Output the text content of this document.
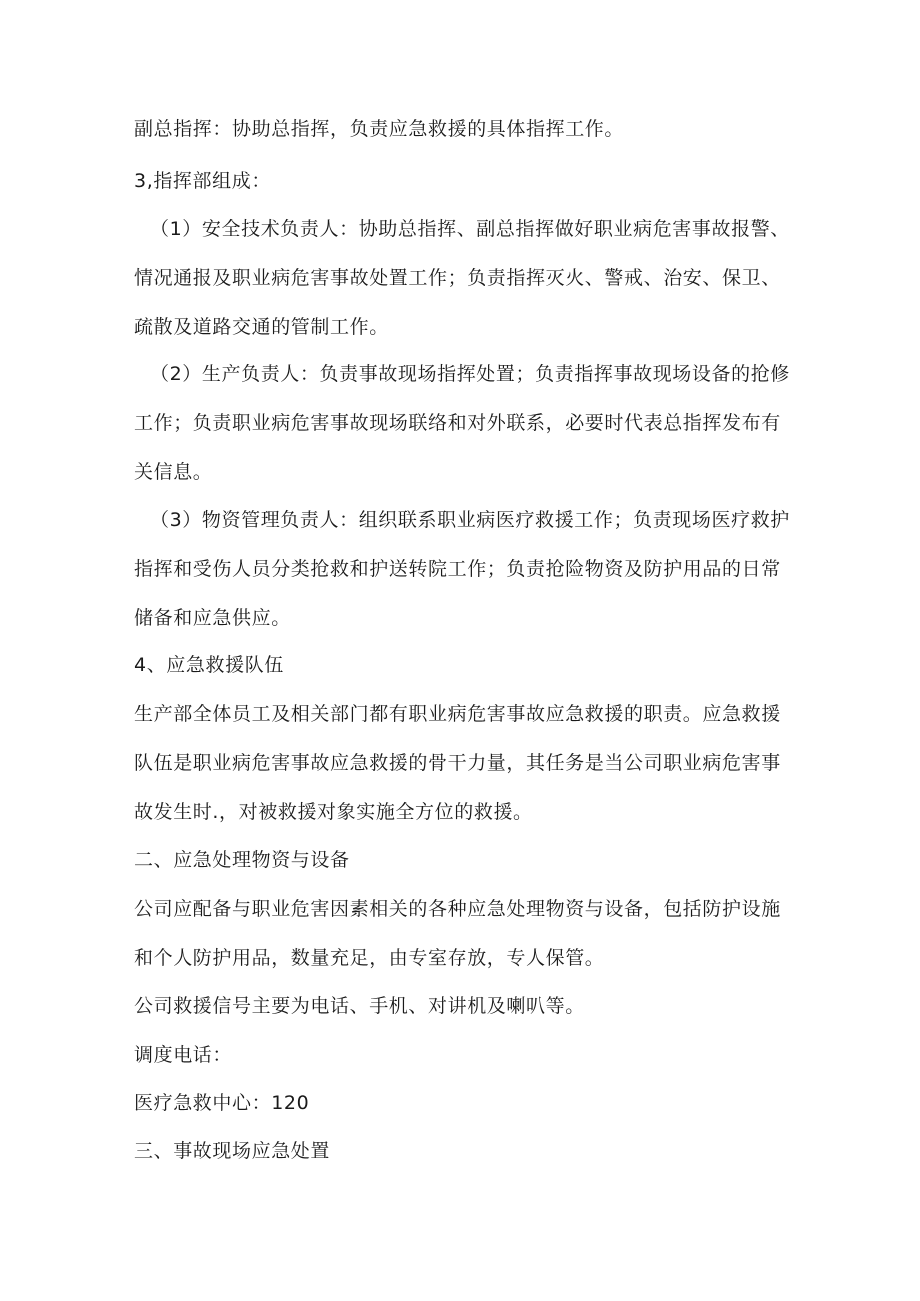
副总指挥：协助总指挥，负责应急救援的具体指挥工作。
3,指挥部组成：
（1）安全技术负责人：协助总指挥、副总指挥做好职业病危害事故报警、
情况通报及职业病危害事故处置工作；负责指挥灭火、警戒、治安、保卫、
疏散及道路交通的管制工作。
（2）生产负责人：负责事故现场指挥处置；负责指挥事故现场设备的抢修
工作；负责职业病危害事故现场联络和对外联系，必要时代表总指挥发布有
关信息。
（3）物资管理负责人：组织联系职业病医疗救援工作；负责现场医疗救护
指挥和受伤人员分类抢救和护送转院工作；负责抢险物资及防护用品的日常
储备和应急供应。
4、应急救援队伍
生产部全体员工及相关部门都有职业病危害事故应急救援的职责。应急救援
队伍是职业病危害事故应急救援的骨干力量，其任务是当公司职业病危害事
故发生时.，对被救援对象实施全方位的救援。
二、应急处理物资与设备
公司应配备与职业危害因素相关的各种应急处理物资与设备，包括防护设施
和个人防护用品，数量充足，由专室存放，专人保管。
公司救援信号主要为电话、手机、对讲机及喇叭等。
调度电话：
医疗急救中心：120
三、事故现场应急处置
